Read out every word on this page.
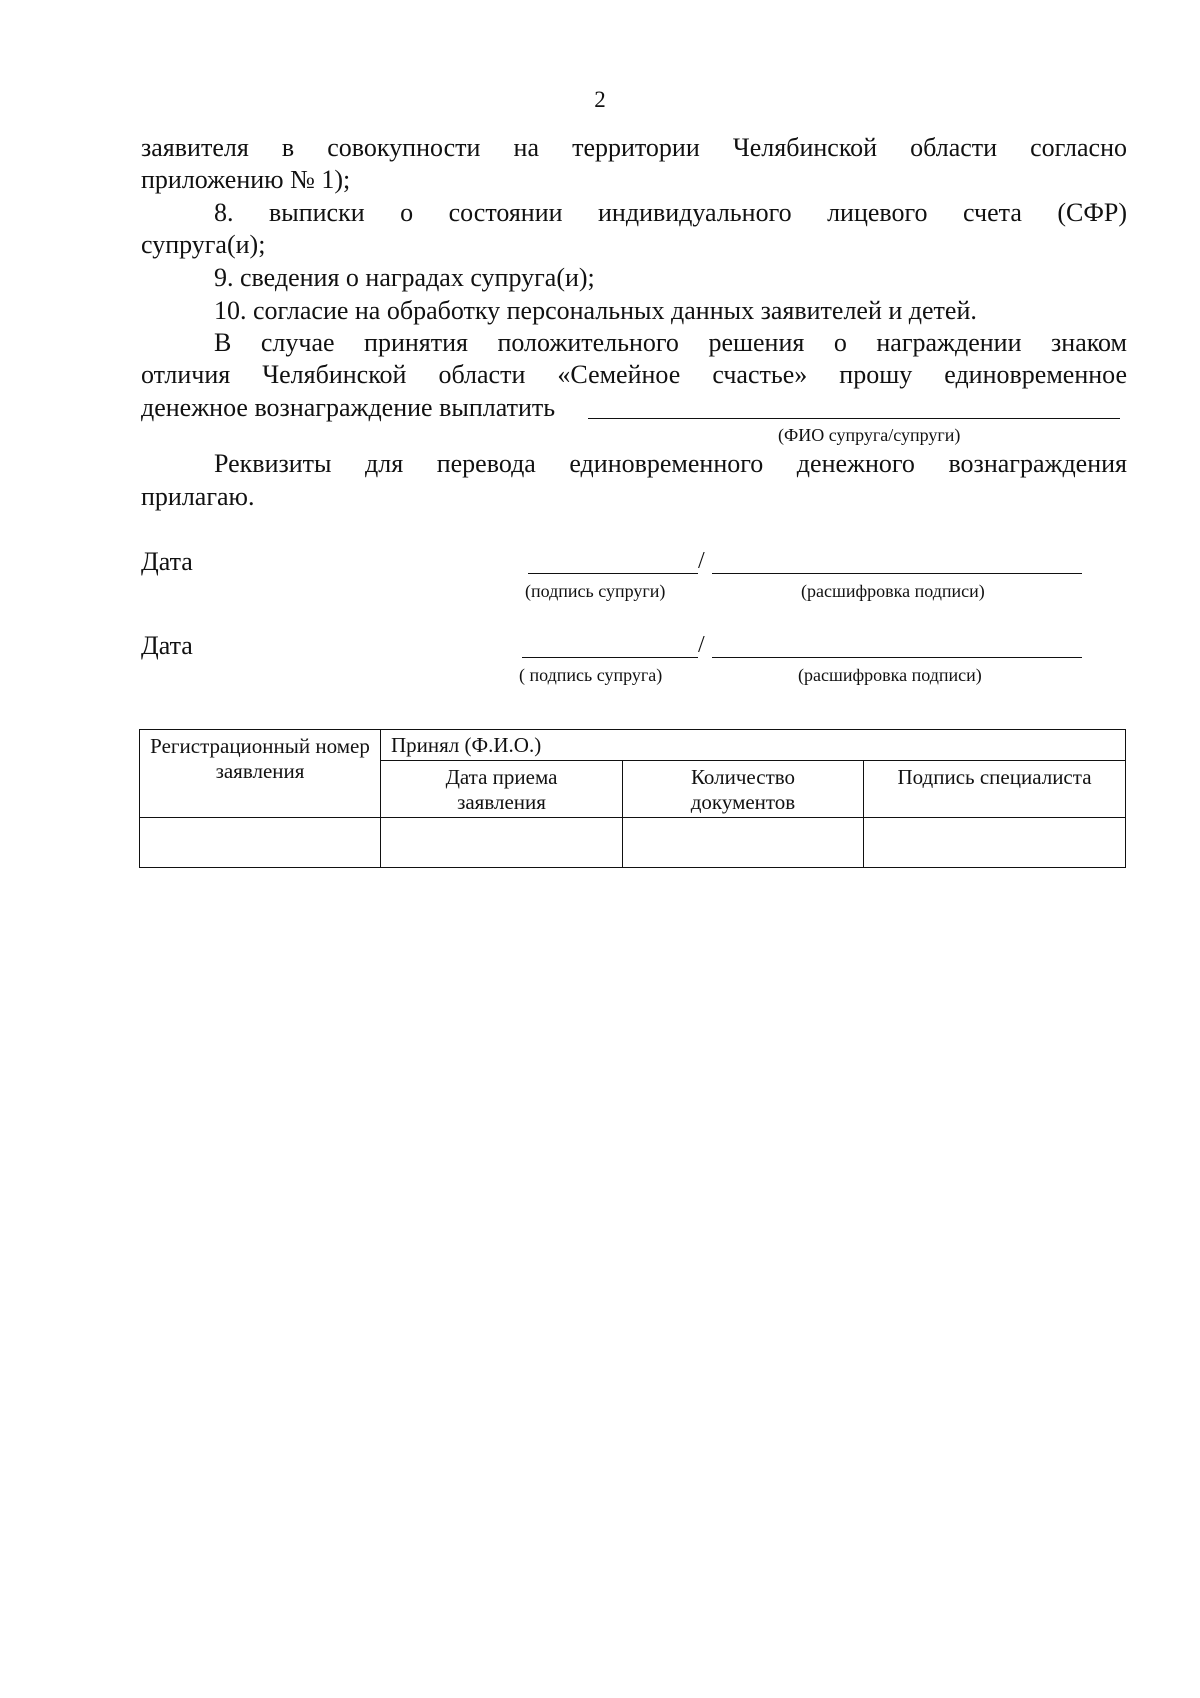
2
заявителя в совокупности на территории Челябинской области согласно
приложению № 1);
8. выписки о состоянии индивидуального лицевого счета (СФР)
супруга(и);
9. сведения о наградах супруга(и);
10. согласие на обработку персональных данных заявителей и детей.
В случае принятия положительного решения о награждении знаком
отличия Челябинской области «Семейное счастье» прошу единовременное
денежное вознаграждение выплатить
(ФИО супруга/супруги)
Реквизиты для перевода единовременного денежного вознаграждения
прилагаю.
Дата	/
(подпись супруги)	(расшифровка подписи)
Дата	/
( подпись супруга)	(расшифровка подписи)
Регистрационный номер заявления	Принял (Ф.И.О.)		

	Дата приема заявления	Количество документов	Подпись специалиста
